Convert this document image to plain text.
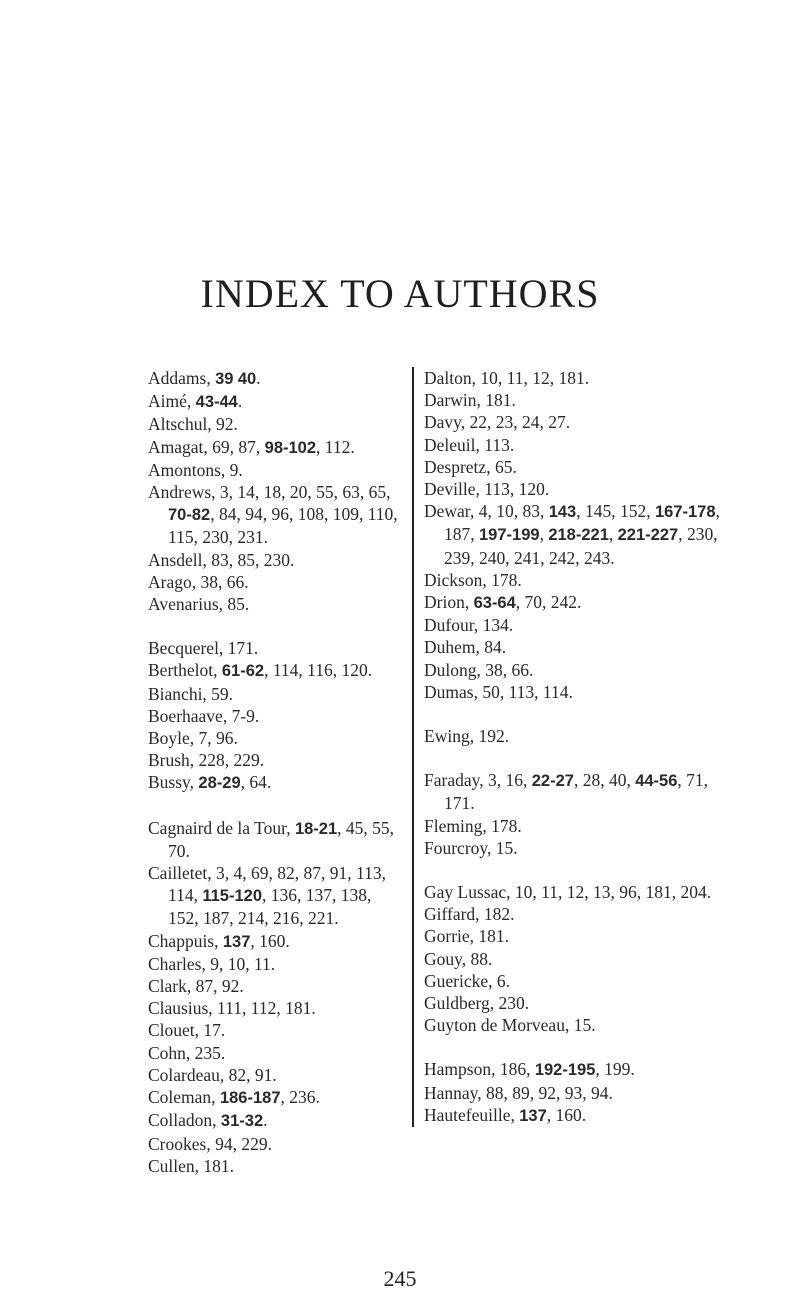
INDEX TO AUTHORS
Addams, 39 40.
Aimé, 43-44.
Altschul, 92.
Amagat, 69, 87, 98-102, 112.
Amontons, 9.
Andrews, 3, 14, 18, 20, 55, 63, 65, 70-82, 84, 94, 96, 108, 109, 110, 115, 230, 231.
Ansdell, 83, 85, 230.
Arago, 38, 66.
Avenarius, 85.
Becquerel, 171.
Berthelot, 61-62, 114, 116, 120.
Bianchi, 59.
Boerhaave, 7-9.
Boyle, 7, 96.
Brush, 228, 229.
Bussy, 28-29, 64.
Cagnaird de la Tour, 18-21, 45, 55, 70.
Cailletet, 3, 4, 69, 82, 87, 91, 113, 114, 115-120, 136, 137, 138, 152, 187, 214, 216, 221.
Chappuis, 137, 160.
Charles, 9, 10, 11.
Clark, 87, 92.
Clausius, 111, 112, 181.
Clouet, 17.
Cohn, 235.
Colardeau, 82, 91.
Coleman, 186-187, 236.
Colladon, 31-32.
Crookes, 94, 229.
Cullen, 181.
Dalton, 10, 11, 12, 181.
Darwin, 181.
Davy, 22, 23, 24, 27.
Deleuil, 113.
Despretz, 65.
Deville, 113, 120.
Dewar, 4, 10, 83, 143, 145, 152, 167-178, 187, 197-199, 218-221, 221-227, 230, 239, 240, 241, 242, 243.
Dickson, 178.
Drion, 63-64, 70, 242.
Dufour, 134.
Duhem, 84.
Dulong, 38, 66.
Dumas, 50, 113, 114.
Ewing, 192.
Faraday, 3, 16, 22-27, 28, 40, 44-56, 71, 171.
Fleming, 178.
Fourcroy, 15.
Gay Lussac, 10, 11, 12, 13, 96, 181, 204.
Giffard, 182.
Gorrie, 181.
Gouy, 88.
Guericke, 6.
Guldberg, 230.
Guyton de Morveau, 15.
Hampson, 186, 192-195, 199.
Hannay, 88, 89, 92, 93, 94.
Hautefeuille, 137, 160.
245
